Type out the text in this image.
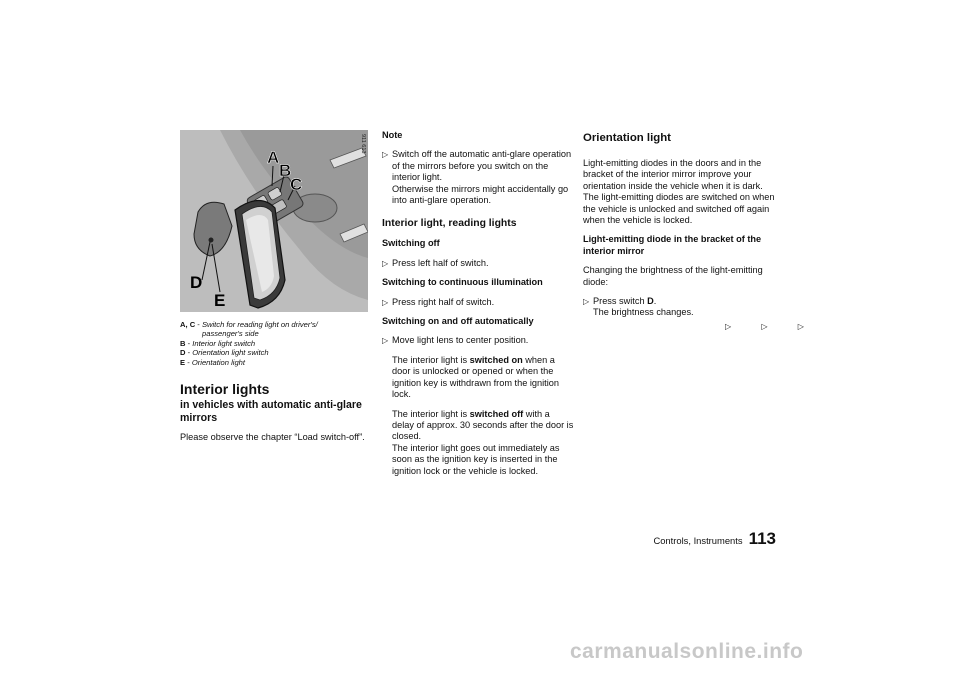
A
B
C
D
E
911 613
A, C - Switch for reading light on driver's/
passenger's side
B - Interior light switch
D - Orientation light switch
E - Orientation light
Interior lights
in vehicles with automatic anti-glare mirrors

Please observe the chapter “Load switch-off”.

Note

▷ Switch off the automatic anti-glare operation of the mirrors before you switch on the interior light.
Otherwise the mirrors might accidentally go into anti-glare operation.
Interior light, reading lights

Switching off

▷ Press left half of switch.

Switching to continuous illumination

▷ Press right half of switch.

Switching on and off automatically

▷ Move light lens to center position.

The interior light is switched on when a door is unlocked or opened or when the ignition key is withdrawn from the ignition lock.

The interior light is switched off with a delay of approx. 30 seconds after the door is closed.
The interior light goes out immediately as soon as the ignition key is inserted in the ignition lock or the vehicle is locked.

Orientation light

Light-emitting diodes in the doors and in the bracket of the interior mirror improve your orientation inside the vehicle when it is dark.
The light-emitting diodes are switched on when the vehicle is unlocked and switched off again when the vehicle is locked.

Light-emitting diode in the bracket of the interior mirror

Changing the brightness of the light-emitting diode:

▷ Press switch D.
The brightness changes.
▷ ▷ ▷
Controls, Instruments 113
carmanualsonline.info
